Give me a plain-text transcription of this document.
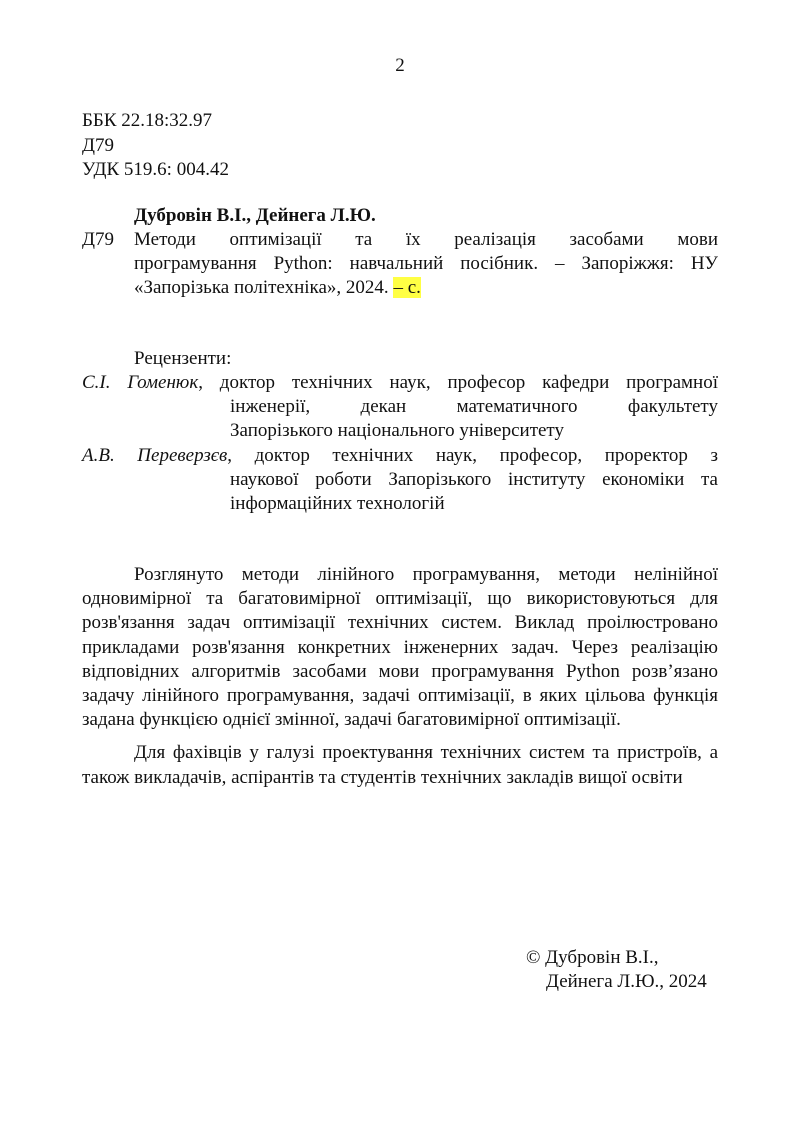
2
ББК 22.18:32.97
Д79
УДК 519.6: 004.42
Дубровін В.І., Дейнега Л.Ю.
Д79 Методи оптимізації та їх реалізація засобами мови
програмування Python: навчальний посібник. – Запоріжжя: НУ
«Запорізька політехніка», 2024. – с.
Рецензенти:
С.І. Гоменюк, доктор технічних наук, професор кафедри програмної
інженерії, декан математичного факультету
Запорізького національного університету
А.В. Переверзєв, доктор технічних наук, професор, проректор з
наукової роботи Запорізького інституту економіки та
інформаційних технологій

Розглянуто методи лінійного програмування, методи нелінійної одновимірної та багатовимірної оптимізації, що використовуються для розв'язання задач оптимізації технічних систем. Виклад проілюстровано прикладами розв'язання конкретних інженерних задач. Через реалізацію відповідних алгоритмів засобами мови програмування Python розв’язано задачу лінійного програмування, задачі оптимізації, в яких цільова функція задана функцією однієї змінної, задачі багатовимірної оптимізації.

Для фахівців у галузі проектування технічних систем та пристроїв, а також викладачів, аспірантів та студентів технічних закладів вищої освіти

© Дубровін В.І.,
Дейнега Л.Ю., 2024
